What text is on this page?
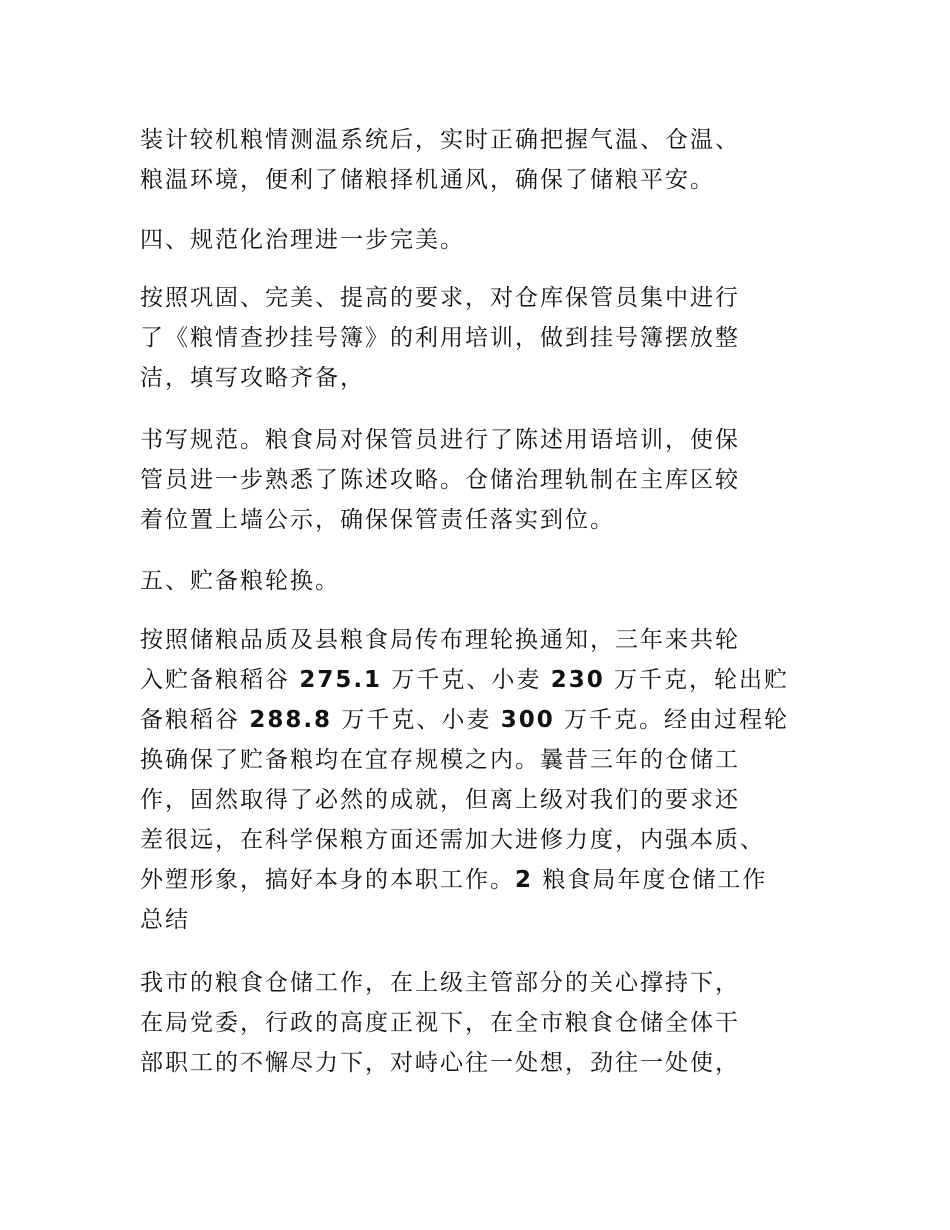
装计较机粮情测温系统后，实时正确把握气温、仓温、
粮温环境，便利了储粮择机通风，确保了储粮平安。
四、规范化治理进一步完美。
按照巩固、完美、提高的要求，对仓库保管员集中进行
了《粮情查抄挂号簿》的利用培训，做到挂号簿摆放整
洁，填写攻略齐备，
书写规范。粮食局对保管员进行了陈述用语培训，使保
管员进一步熟悉了陈述攻略。仓储治理轨制在主库区较
着位置上墙公示，确保保管责任落实到位。
五、贮备粮轮换。
按照储粮品质及县粮食局传布理轮换通知，三年来共轮
入贮备粮稻谷 275.1 万千克、小麦 230 万千克，轮出贮
备粮稻谷 288.8 万千克、小麦 300 万千克。经由过程轮
换确保了贮备粮均在宜存规模之内。曩昔三年的仓储工
作，固然取得了必然的成就，但离上级对我们的要求还
差很远，在科学保粮方面还需加大进修力度，内强本质、
外塑形象，搞好本身的本职工作。2 粮食局年度仓储工作
总结
我市的粮食仓储工作，在上级主管部分的关心撑持下，
在局党委，行政的高度正视下，在全市粮食仓储全体干
部职工的不懈尽力下，对峙心往一处想，劲往一处使，
